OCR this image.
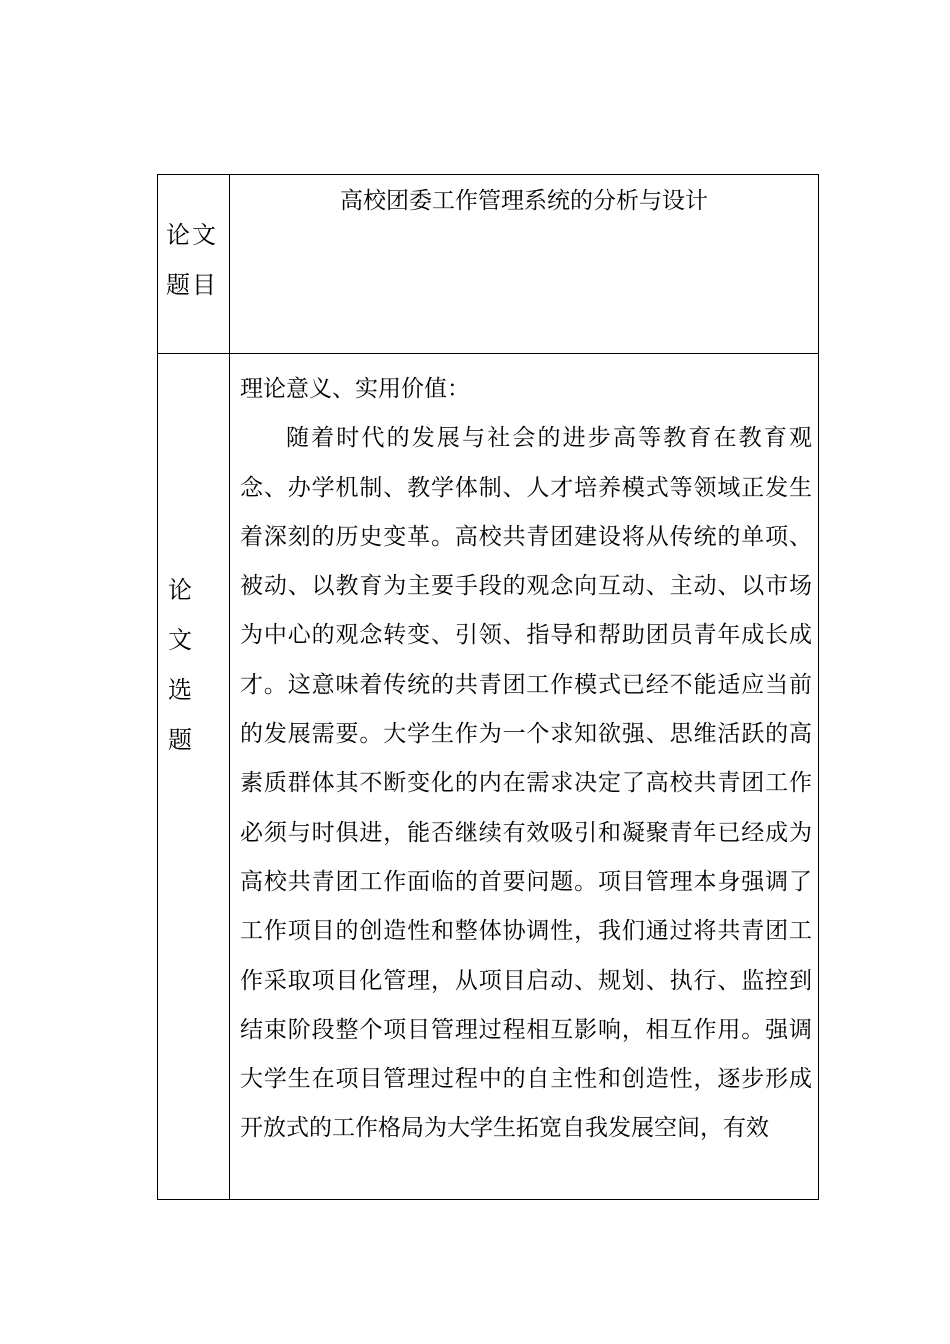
论文题目
高校团委工作管理系统的分析与设计
论
文
选
题
理论意义、实用价值：
随着时代的发展与社会的进步高等教育在教育观念、办学机制、教学体制、人才培养模式等领域正发生着深刻的历史变革。高校共青团建设将从传统的单项、被动、以教育为主要手段的观念向互动、主动、以市场为中心的观念转变、引领、指导和帮助团员青年成长成才。这意味着传统的共青团工作模式已经不能适应当前的发展需要。大学生作为一个求知欲强、思维活跃的高素质群体其不断变化的内在需求决定了高校共青团工作必须与时俱进，能否继续有效吸引和凝聚青年已经成为高校共青团工作面临的首要问题。项目管理本身强调了工作项目的创造性和整体协调性，我们通过将共青团工作采取项目化管理，从项目启动、规划、执行、监控到结束阶段整个项目管理过程相互影响，相互作用。强调大学生在项目管理过程中的自主性和创造性，逐步形成开放式的工作格局为大学生拓宽自我发展空间，有效
